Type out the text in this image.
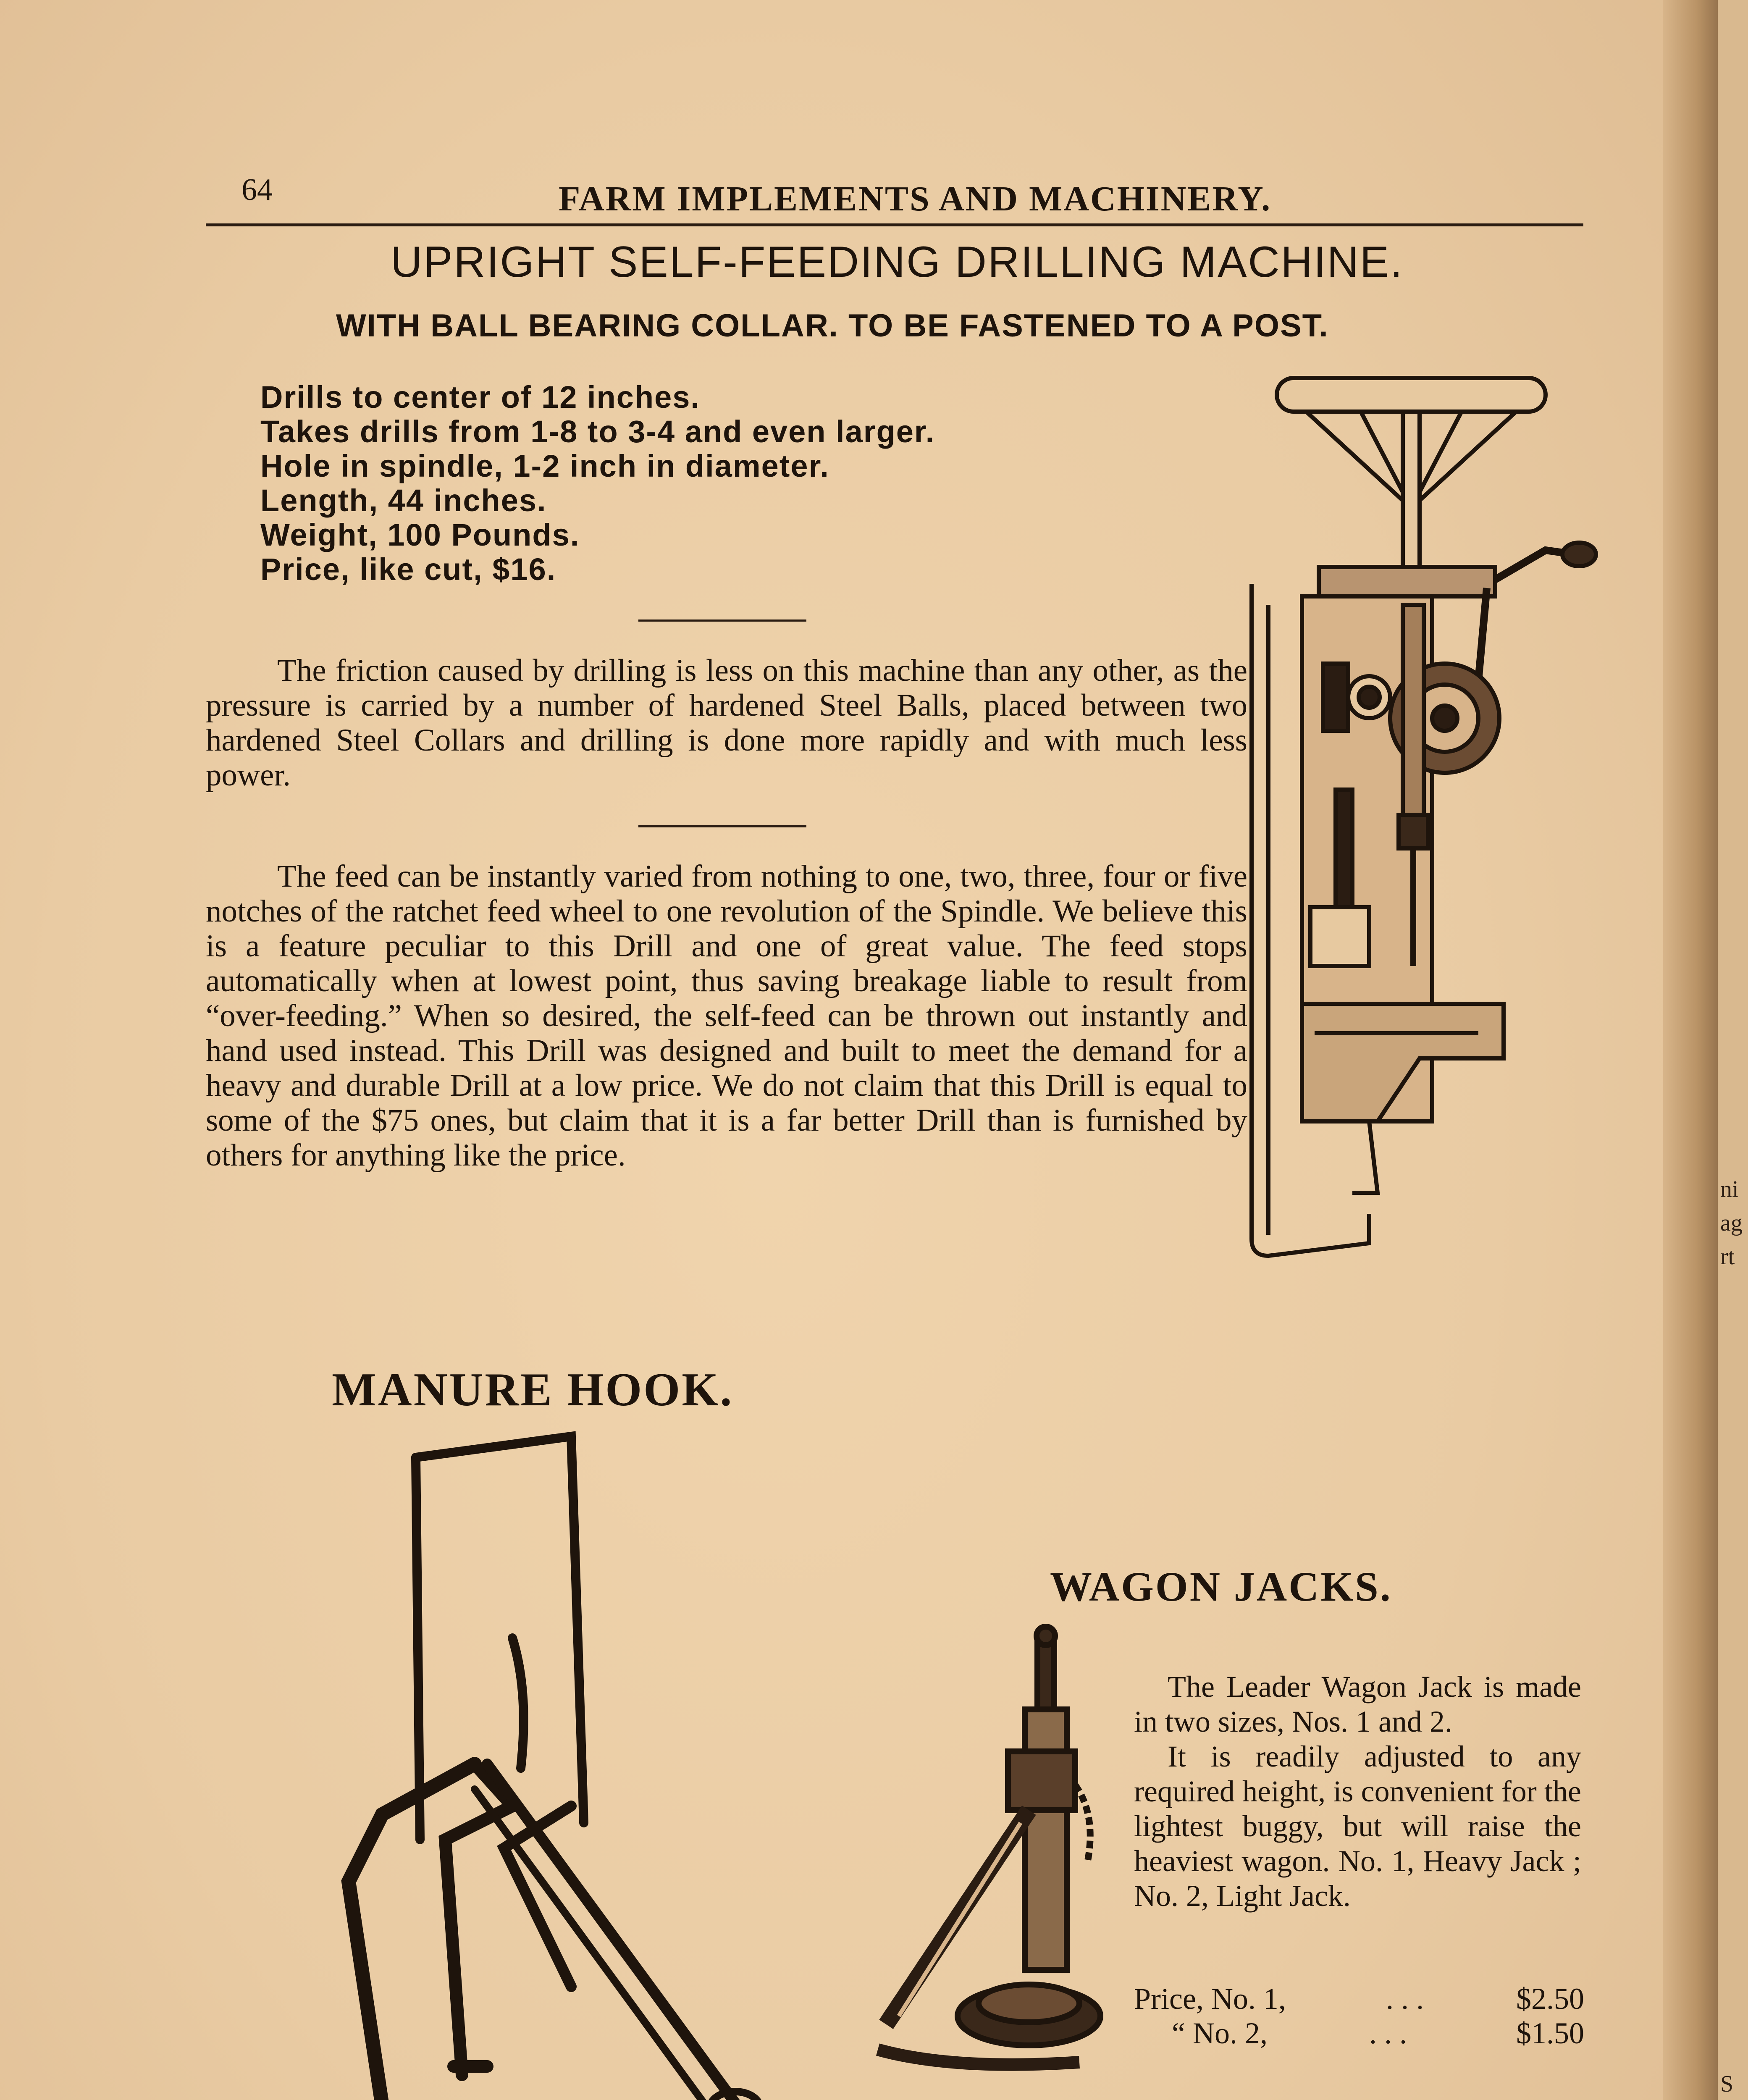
64	FARM IMPLEMENTS AND MACHINERY.
UPRIGHT SELF-FEEDING DRILLING MACHINE.
WITH BALL BEARING COLLAR. TO BE FASTENED TO A POST.
Drills to center of 12 inches.
Takes drills from 1-8 to 3-4 and even larger.
Hole in spindle, 1-2 inch in diameter.
Length, 44 inches.
Weight, 100 Pounds.
Price, like cut, $16.

The friction caused by drilling is less on this machine than any other, as the pressure is carried by a number of hardened Steel Balls, placed between two hardened Steel Collars and drilling is done more rapidly and with much less power.

The feed can be instantly varied from nothing to one, two, three, four or five notches of the ratchet feed wheel to one revolution of the Spindle. We believe this is a feature peculiar to this Drill and one of great value. The feed stops automatically when at lowest point, thus saving breakage liable to result from “over-feeding.” When so desired, the self-feed can be thrown out instantly and hand used instead. This Drill was designed and built to meet the demand for a heavy and durable Drill at a low price. We do not claim that this Drill is equal to some of the $75 ones, but claim that it is a far better Drill than is furnished by others for anything like the price.

MANURE HOOK.
WAGON JACKS.

The Leader Wagon Jack is made in two sizes, Nos. 1 and 2.

It is readily adjusted to any required height, is convenient for the lightest buggy, but will raise the heaviest wagon. No. 1, Heavy Jack ; No. 2, Light Jack.

Price, No. 1,	. . .	$2.50
“ No. 2,	. . .	$1.50
ni
ag
rt
S
